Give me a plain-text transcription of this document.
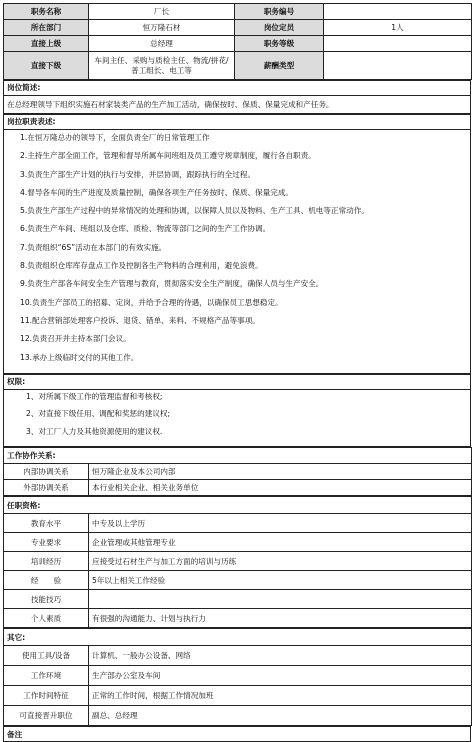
职务名称	厂长	职务编号	
所在部门	恒万隆石材	岗位定员	1人
直接上级	总经理	职务等级	
直接下级	车间主任、采购与质检主任、物流/拼花/普工组长、电工等	薪酬类型	
岗位简述:
在总经理领导下组织实施石材家装类产品的生产加工活动，确保按时、保质、保量完成和产任务。
岗拉职责表述:

1.在恒万隆总办的领导下，全面负责全厂的日常管理工作
2.主持生产部全面工作，管理和督导所属车间班组及员工遵守规章制度，履行各自职责。
3.负责生产部生产计划的执行与安排，并层协调，跟踪执行的全过程。
4.督导各车间的生产进度及质量控制，确保各项生产任务按时、保质、保量完成。
5.负责生产部生产过程中的异常情况的处理和协调，以保障人员以及物料、生产工具、机电等正常动作。
6.负责生产车间、班组以及仓库、质检、物流等部门之间的生产工作协调。
7.负责组织“6S”活动在本部门的有效实施。
8.负责组织仓库库存盘点工作及控制各生产物料的合理利用，避免浪费。
9.负责生产部各车间安全生产管理与教育，贯彻落实安全生产制度，确保人员与生产安全。
10.负责生产部员工的招募、定岗，并给予合理的待遇，以确保员工思想稳定。
11.配合营销部处理客户投诉、退货、错单、来料、不规格产品等事项。
12.负责召开并主持本部门会议。
13.承办上级临时交付的其他工作。
权限:

1、对所属下级工作的管理监督和考核权;
2、对直接下级任用、调配和奖惩的建议权;
3、对工厂人力及其他资源使用的建议权.
工作协作关系:	
内部协调关系	恒万隆企业及本公司内部
外部协调关系	本行业相关企业、相关业务单位
任职资格:	
教育水平	中专及以上学历
专业要求	企业管理或其他管理专业
培训经历	应接受过石材生产与加工方面的培训与历练
经　　验	5年以上相关工作经验
技能技巧	
个人素质	有很强的沟通能力、计划与执行力
其它:	
使用工具/设备	计算机、一般办公设备、网络
工作环境	生产部办公室及车间
工作时间特征	正常的工作时间，根据工作情况加班
可直接晋升职位	副总、总经理
备注
